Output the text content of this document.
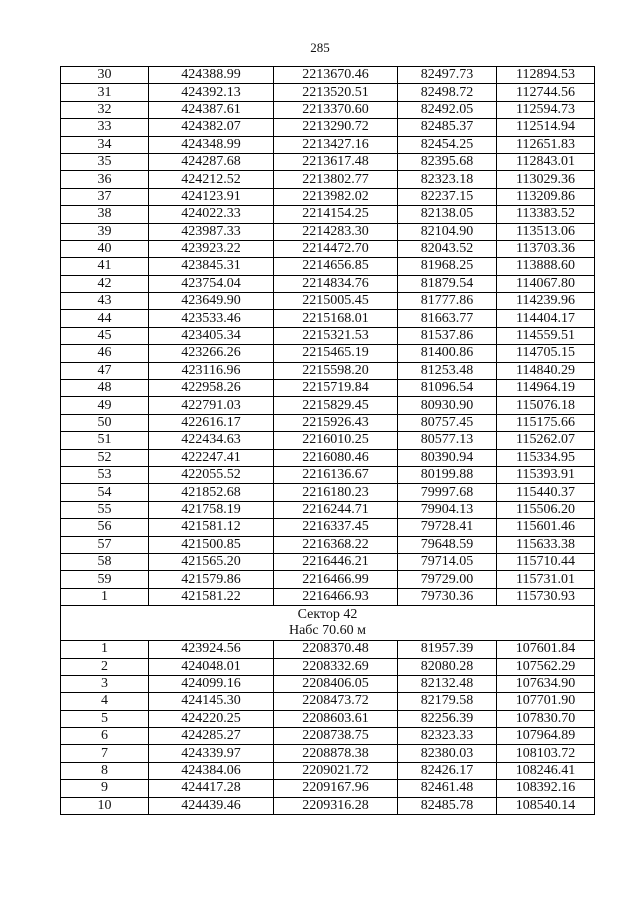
285
30	424388.99	2213670.46	82497.73	112894.53
31	424392.13	2213520.51	82498.72	112744.56
32	424387.61	2213370.60	82492.05	112594.73
33	424382.07	2213290.72	82485.37	112514.94
34	424348.99	2213427.16	82454.25	112651.83
35	424287.68	2213617.48	82395.68	112843.01
36	424212.52	2213802.77	82323.18	113029.36
37	424123.91	2213982.02	82237.15	113209.86
38	424022.33	2214154.25	82138.05	113383.52
39	423987.33	2214283.30	82104.90	113513.06
40	423923.22	2214472.70	82043.52	113703.36
41	423845.31	2214656.85	81968.25	113888.60
42	423754.04	2214834.76	81879.54	114067.80
43	423649.90	2215005.45	81777.86	114239.96
44	423533.46	2215168.01	81663.77	114404.17
45	423405.34	2215321.53	81537.86	114559.51
46	423266.26	2215465.19	81400.86	114705.15
47	423116.96	2215598.20	81253.48	114840.29
48	422958.26	2215719.84	81096.54	114964.19
49	422791.03	2215829.45	80930.90	115076.18
50	422616.17	2215926.43	80757.45	115175.66
51	422434.63	2216010.25	80577.13	115262.07
52	422247.41	2216080.46	80390.94	115334.95
53	422055.52	2216136.67	80199.88	115393.91
54	421852.68	2216180.23	79997.68	115440.37
55	421758.19	2216244.71	79904.13	115506.20
56	421581.12	2216337.45	79728.41	115601.46
57	421500.85	2216368.22	79648.59	115633.38
58	421565.20	2216446.21	79714.05	115710.44
59	421579.86	2216466.99	79729.00	115731.01
1	421581.22	2216466.93	79730.36	115730.93

Сектор 42
Набс 70.60 м				

1	423924.56	2208370.48	81957.39	107601.84
2	424048.01	2208332.69	82080.28	107562.29
3	424099.16	2208406.05	82132.48	107634.90
4	424145.30	2208473.72	82179.58	107701.90
5	424220.25	2208603.61	82256.39	107830.70
6	424285.27	2208738.75	82323.33	107964.89
7	424339.97	2208878.38	82380.03	108103.72
8	424384.06	2209021.72	82426.17	108246.41
9	424417.28	2209167.96	82461.48	108392.16
10	424439.46	2209316.28	82485.78	108540.14
